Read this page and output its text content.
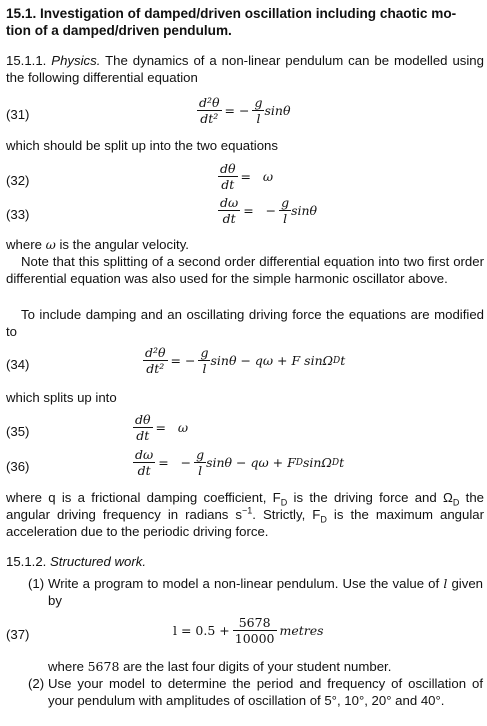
15.1. Investigation of damped/driven oscillation including chaotic mo-
tion of a damped/driven pendulum.
15.1.1. Physics. The dynamics of a non-linear pendulum can be modelled using the following differential equation
(31)	$\frac{\text{d²θ}}{\text{dt²}}$ = − $\frac{g}{l}$ sinθ
which should be split up into the two equations
(32)	$\frac{d\theta}{dt} = \omega$
(33)	$\frac{d\omega}{dt}$ =   − $\frac{g}{l}$ sinθ
where ω is the angular velocity.
Note that this splitting of a second order differential equation into two first order differential equation was also used for the simple harmonic oscillator above.
To include damping and an oscillating driving force the equations are modified to
(34)	$\frac{\text{d²θ}}{\text{dt²}}$ = − $\frac{g}{l}$ sinθ − qω + F sinΩ D t
which splits up into
(35)	$\frac{d\theta}{dt} = \omega$
(36)	$\frac{d\omega}{dt}$ =   − $\frac{g}{l}$ sinθ − qω + F D sinΩ D t
where q is a frictional damping coefficient, $F_D$ is the driving force and $\Omega_D$ the angular driving frequency in radians $s^{-1}$. Strictly, $F_D$ is the maximum angular acceleration due to the periodic driving force.
15.1.2. Structured work.
(1) Write a program to model a non-linear pendulum. Use the value of l given by
(37)	$l = 0.5 + \frac{5678}{10000}$ metres
where 5678 are the last four digits of your student number.
(2) Use your model to determine the period and frequency of oscillation of your pendulum with amplitudes of oscillation of 5°, 10°, 20° and 40°.
